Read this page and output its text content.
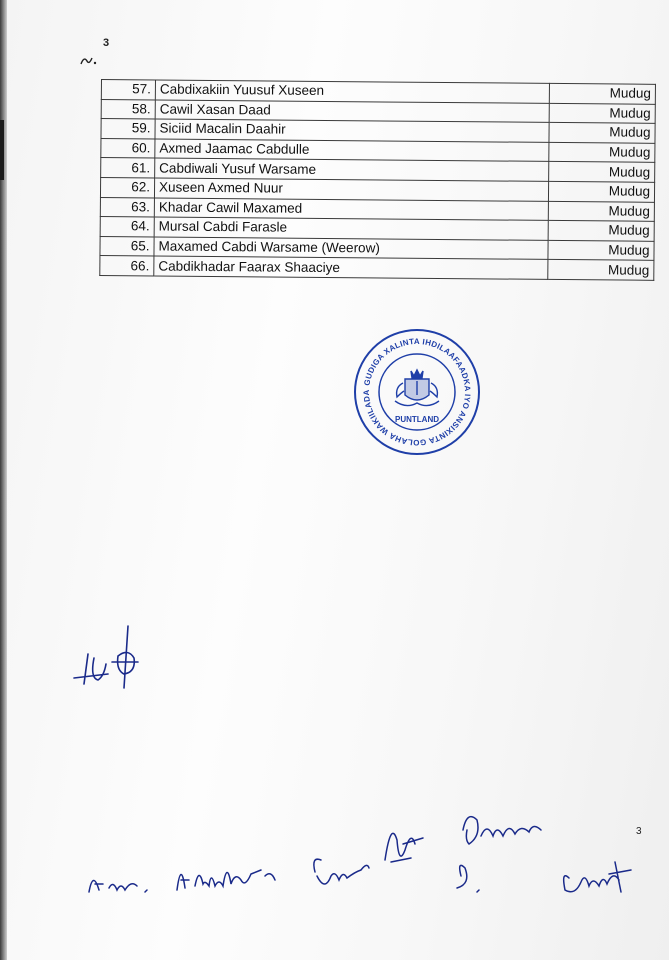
3
57.	Cabdixakiin Yuusuf Xuseen	Mudug
58.	Cawil Xasan Daad	Mudug
59.	Siciid Macalin Daahir	Mudug
60.	Axmed Jaamac Cabdulle	Mudug
61.	Cabdiwali Yusuf Warsame	Mudug
62.	Xuseen Axmed Nuur	Mudug
63.	Khadar Cawil Maxamed	Mudug
64.	Mursal Cabdi Farasle	Mudug
65.	Maxamed Cabdi Warsame (Weerow)	Mudug
66.	Cabdikhadar Faarax Shaaciye	Mudug
GUDIGA XALINTA IHDILAAFAADKA IYO ANSIXINTA GOLAHA WAKIILADA
PUNTLAND
3
